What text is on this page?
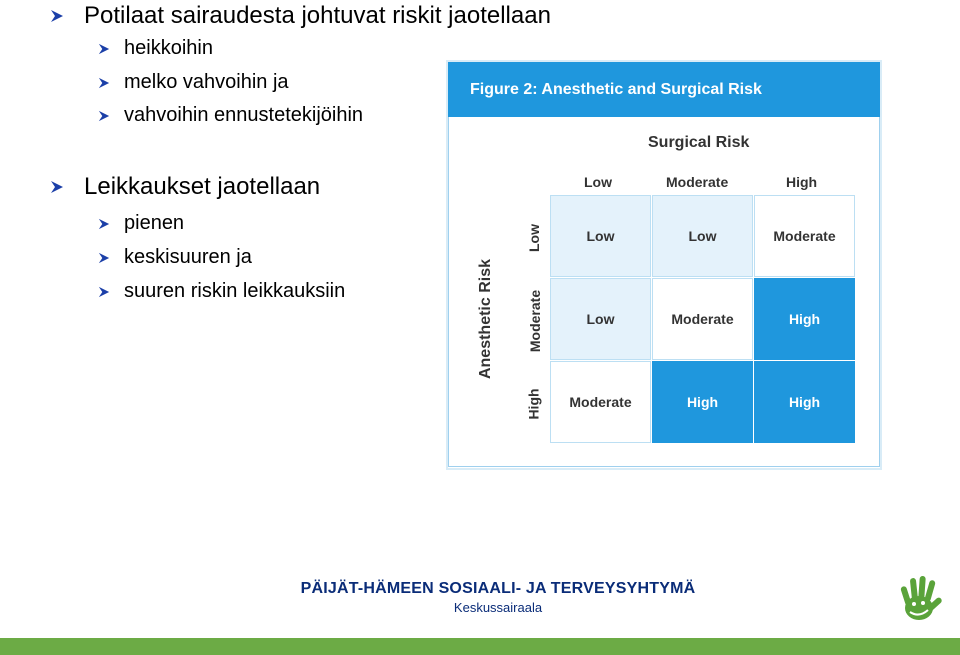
Potilaat sairaudesta johtuvat riskit jaotellaan
heikkoihin
melko vahvoihin ja
vahvoihin ennustetekijöihin
Leikkaukset jaotellaan
pienen
keskisuuren ja
suuren riskin leikkauksiin
Figure 2: Anesthetic and Surgical Risk
Surgical Risk
Low	Moderate	High
Anesthetic Risk
Low
Moderate
High
Low	Low	Moderate
Low	Moderate	High
Moderate	High	High
PÄIJÄT-HÄMEEN SOSIAALI- JA TERVEYSYHTYMÄ
Keskussairaala
